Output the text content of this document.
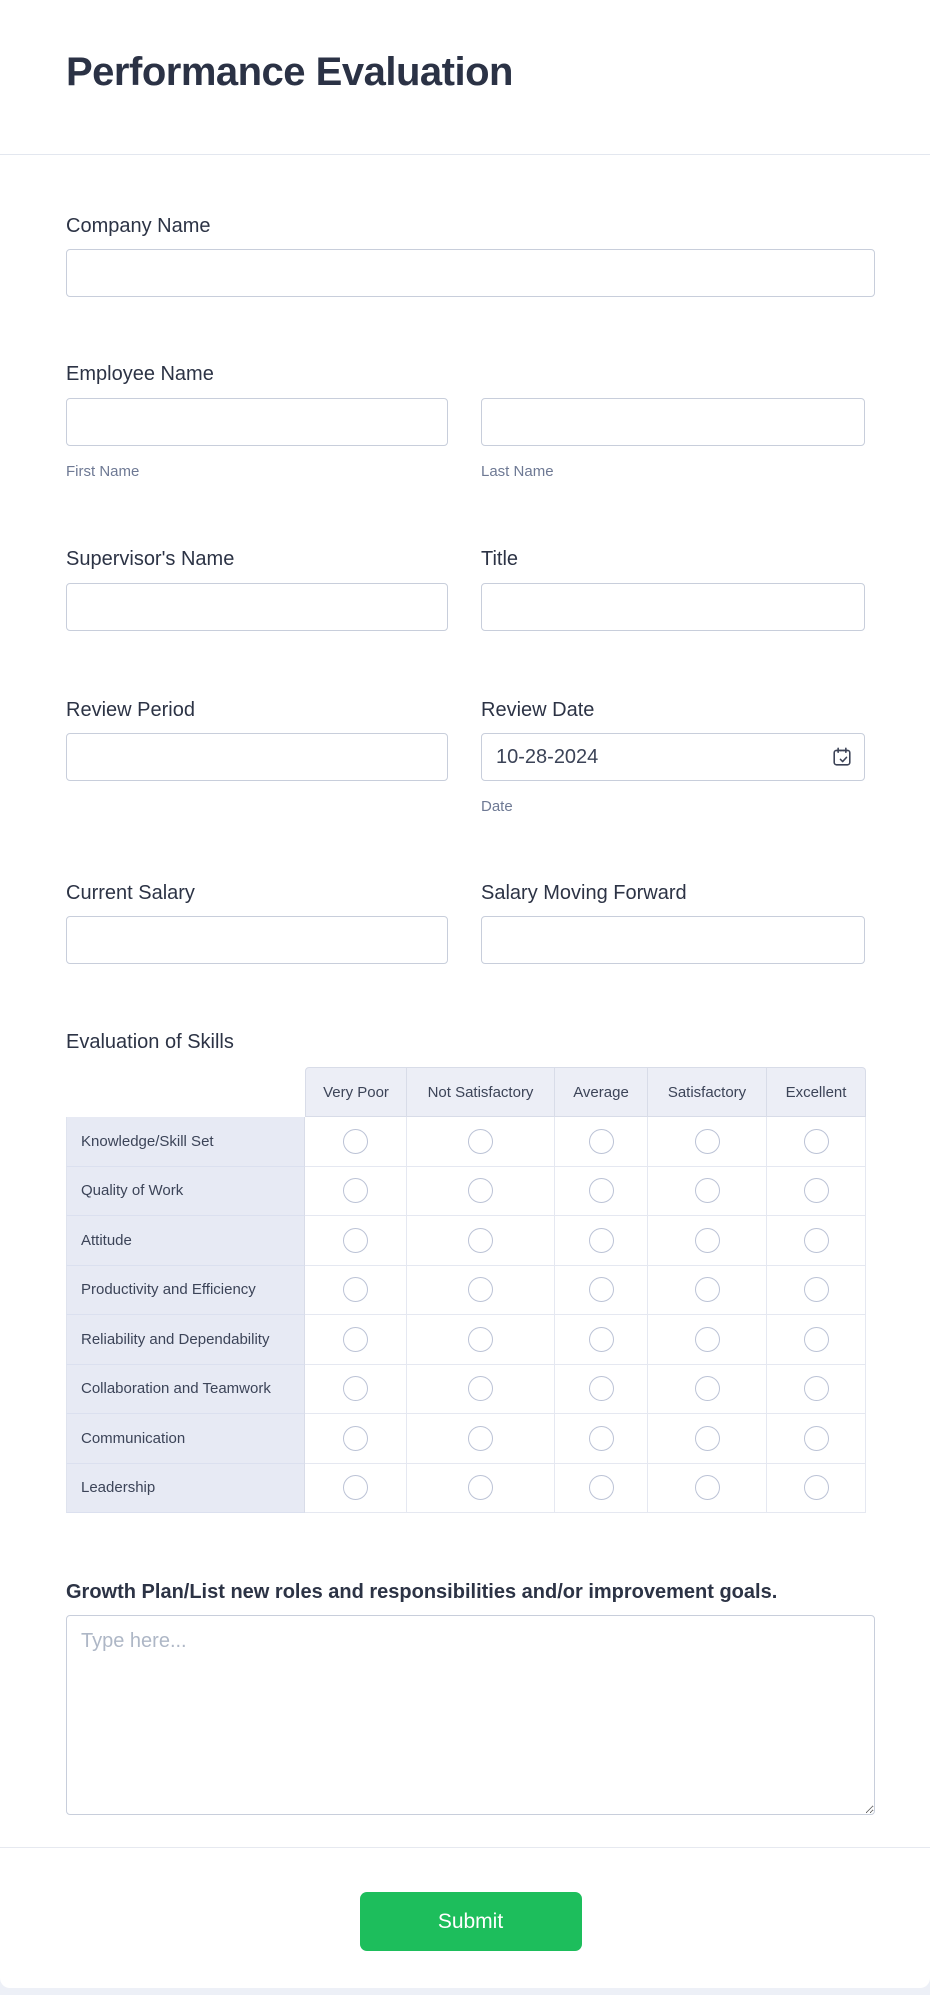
Performance Evaluation
Company Name
Employee Name
First Name	Last Name
Supervisor's Name	Title
Review Period	Review Date
10-28-2024
Date
Current Salary	Salary Moving Forward
Evaluation of Skills
Very Poor	Not Satisfactory	Average	Satisfactory	Excellent
Knowledge/Skill Set
Quality of Work
Attitude
Productivity and Efficiency
Reliability and Dependability
Collaboration and Teamwork
Communication
Leadership
Growth Plan/List new roles and responsibilities and/or improvement goals.
Type here...
Submit
